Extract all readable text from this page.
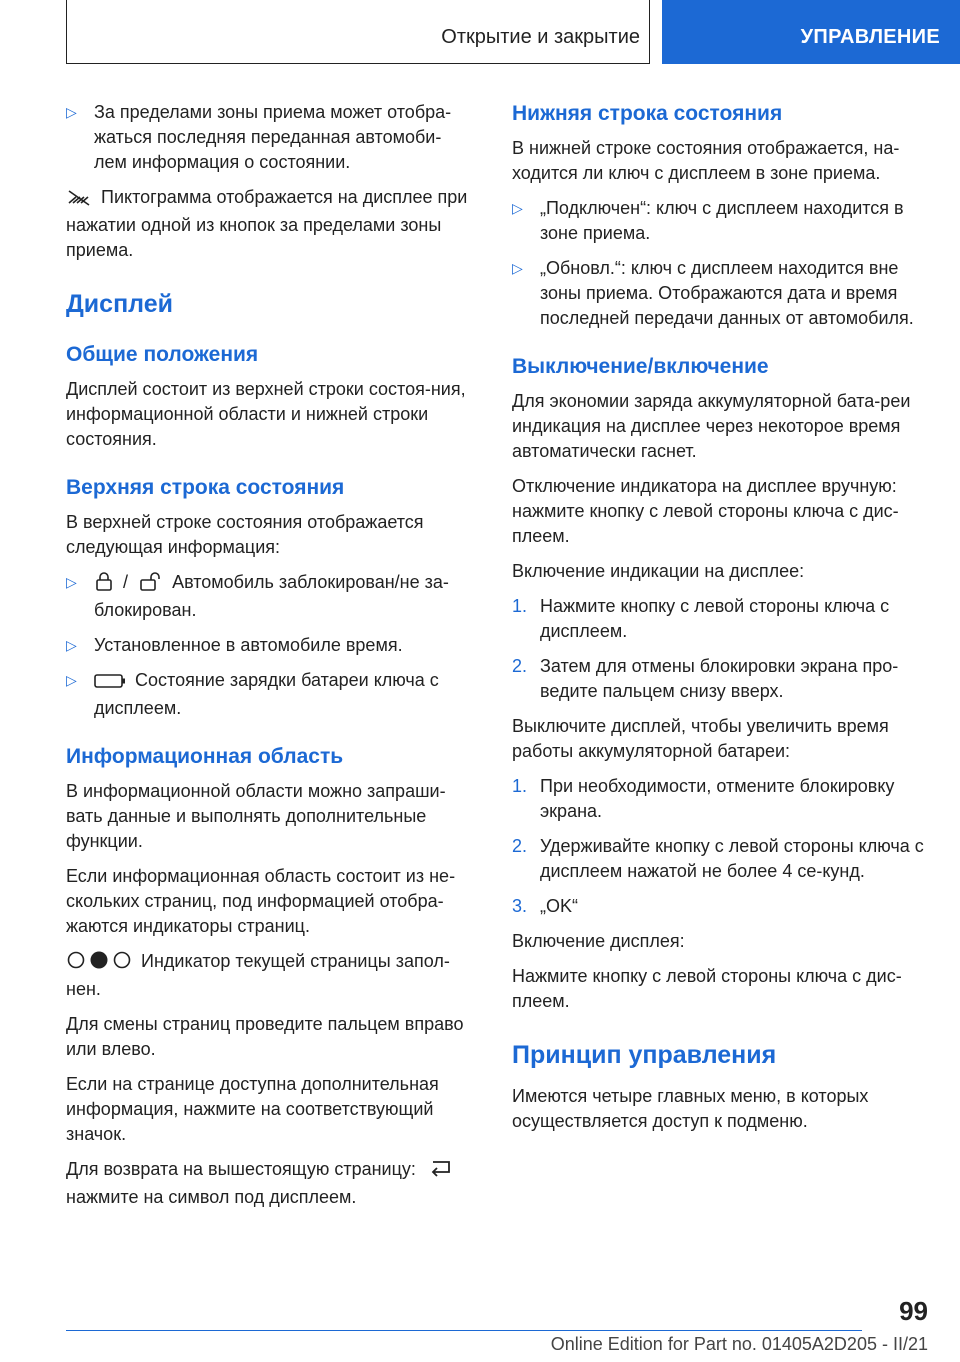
Открытие и закрытие	УПРАВЛЕНИЕ
▷ За пределами зоны приема может отобра-жаться последняя переданная автомоби-лем информация о состоянии.

Пиктограмма отображается на дисплее при нажатии одной из кнопок за пределами зоны приема.

Дисплей
Общие положения

Дисплей состоит из верхней строки состоя-ния, информационной области и нижней строки состояния.

Верхняя строка состояния

В верхней строке состояния отображается следующая информация:

▷	/ Автомобиль заблокирован/не за-блокирован.
▷ Установленное в автомобиле время.
▷	Состояние зарядки батареи ключа с дисплеем.
Информационная область

В информационной области можно запраши-вать данные и выполнять дополнительные функции.

Если информационная область состоит из не-скольких страниц, под информацией отобра-жаются индикаторы страниц.

Индикатор текущей страницы запол-нен.

Для смены страниц проведите пальцем вправо или влево.

Если на странице доступна дополнительная информация, нажмите на соответствующий значок.

Для возврата на вышестоящую страницу:
нажмите на символ под дисплеем.

Нижняя строка состояния

В нижней строке состояния отображается, на-ходится ли ключ с дисплеем в зоне приема.

▷ „Подключен“: ключ с дисплеем находится в зоне приема.
▷ „Обновл.“: ключ с дисплеем находится вне зоны приема. Отображаются дата и время последней передачи данных от автомобиля.
Выключение/включение

Для экономии заряда аккумуляторной бата-реи индикация на дисплее через некоторое время автоматически гаснет.

Отключение индикатора на дисплее вручную: нажмите кнопку с левой стороны ключа с дис-плеем.

Включение индикации на дисплее:

1. Нажмите кнопку с левой стороны ключа с дисплеем.
2. Затем для отмены блокировки экрана про-ведите пальцем снизу вверх.

Выключите дисплей, чтобы увеличить время работы аккумуляторной батареи:

1. При необходимости, отмените блокировку экрана.
2. Удерживайте кнопку с левой стороны ключа с дисплеем нажатой не более 4 се-кунд.
3. „OK“

Включение дисплея:

Нажмите кнопку с левой стороны ключа с дис-плеем.

Принцип управления

Имеются четыре главных меню, в которых осуществляется доступ к подменю.

99
Online Edition for Part no. 01405A2D205 - II/21
